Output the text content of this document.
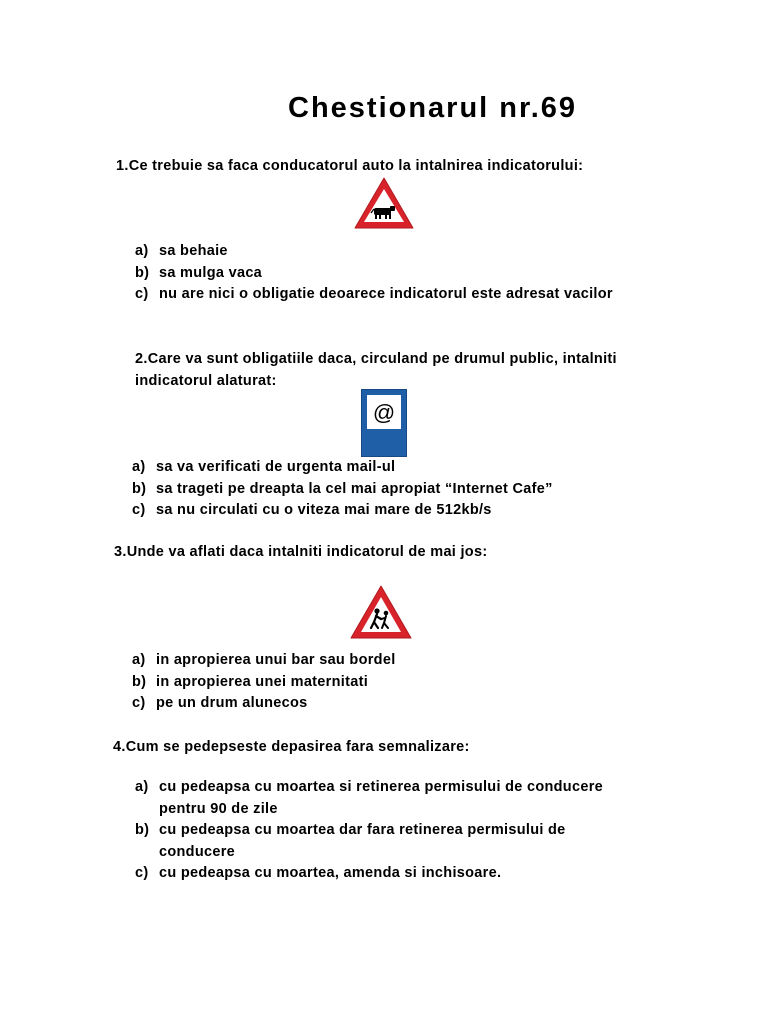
Chestionarul nr.69
1.Ce trebuie sa faca conducatorul auto la intalnirea indicatorului:
a) sa behaie
b) sa mulga vaca
c) nu are nici o obligatie deoarece indicatorul este adresat vacilor
2.Care va sunt obligatiile daca, circuland pe drumul public, intalniti indicatorul alaturat:
@
a) sa va verificati de urgenta mail-ul
b) sa trageti pe dreapta la cel mai apropiat “Internet Cafe”
c) sa nu circulati cu o viteza mai mare de 512kb/s
3.Unde va aflati daca intalniti indicatorul de mai jos:
a) in apropierea unui bar sau bordel
b) in apropierea unei maternitati
c) pe un drum alunecos
4.Cum se pedepseste depasirea fara semnalizare:
a) cu pedeapsa cu moartea si retinerea permisului de conducere pentru 90 de zile
b) cu pedeapsa cu moartea dar fara retinerea permisului de conducere
c) cu pedeapsa cu moartea, amenda si inchisoare.
